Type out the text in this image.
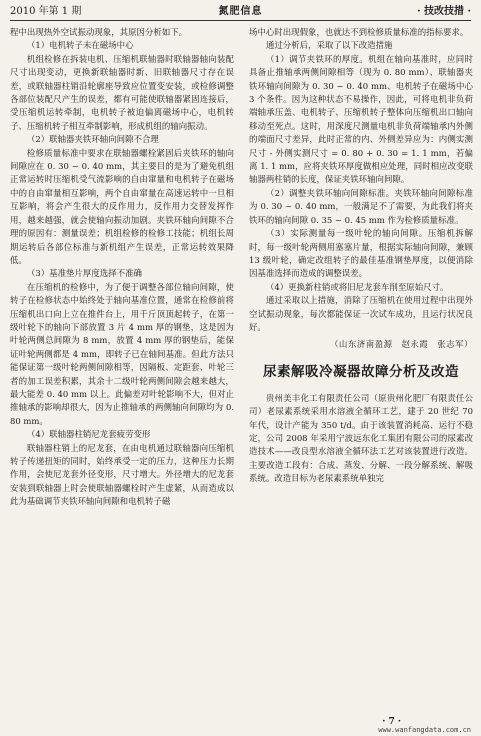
2010 年第 1 期	氮肥信息	· 技改技措 ·

程中出现热外空试振动现象，其原因分析如下。

（1）电机转子未在磁场中心

机组检修在拆装电机、压缩机联轴器时联轴器轴向装配尺寸出现变动，更换新联轴器时新、旧联轴器尺寸存在误差，或联轴器柱销沿轮廓座导致应位置变安装，或检修调整各部位装配尺产生的误差，都有可能使联轴器紧固连接后，受压缩机运转牵制，电机转子被迫偏离磁场中心，电机转子、压缩机转子相互牵制影响，形成机组的轴向振动。

（2）联轴器夹铁环轴向间隙不合理

检修质量标准中要求在联轴器螺栓紧固后夹铁环的轴向间隙应在 0. 30 ~ 0. 40 mm，其主要目的是为了避免机组正常运转时压缩机受气流影响的自由窜量和电机转子在磁场中的自由窜量相互影响，两个自由窜量在高速运转中一旦相互影响，将会产生很大的反作用力，反作用力交替发挥作用，越来越强，就会使轴向振动加剧。夹铁环轴向间隙不合理的原因有：测量误差；机组检修的检修工技能；机组长周期运转后各部位标准与新机组产生误差，正常运转效果降低。

（3）基准垫片厚度选择不准确

在压缩机的检修中，为了便于调整各部位轴向间隙，使转子在检修状态中始终处于轴向基准位置，通常在检修前将压缩机出口向上立在推件台上，用千斤顶顶起转子，在第一级叶轮下的轴向下部放置 3 片 4 mm 厚的钢垫，这是因为叶轮两侧总间隙为 8 mm，放置 4 mm 厚的钢垫后，能保证叶轮两侧都是 4 mm，即转子已在轴间基准。但此方法只能保证第一级叶轮两侧间隙相等，因隔板、定距套、叶轮三者的加工误差积累，其余十二级叶轮两侧间隙会越来越大，最大能差 0. 40 mm 以上。此偏差对叶轮影响不大，但对止推轴承的影响却很大，因为止推轴承的两侧轴向间隙均为 0. 80 mm。

（4）联轴器柱销尼龙套疲劳变形

联轴器柱销上的尼龙套，在由电机通过联轴器向压缩机转子传递扭矩的同时，始终承受一定的压力，这种压力长期作用，会使尼龙套外径变形，尺寸增大。外径增大的尼龙套安装到联轴器上时会使联轴器螺栓时产生虚紧，从而造成以此为基础调节夹铁环轴向间隙和电机转子磁

场中心时出现假象，也就达不到检修质量标准的指标要求。

通过分析后，采取了以下改造措施

（1）调节夹铁环的厚度。机组在轴向基准时，应同时具备止推轴承两侧间隙相等（现为 0. 80 mm）、联轴器夹铁环轴向间隙为 0. 30 ~ 0. 40 mm、电机转子在磁场中心 3 个条件。因为这种状态不易操作，因此，可将电机非负荷端轴承压盖、电机转子、压缩机转子整体向压缩机出口轴向移动至死点。这时，用深度尺测量电机非负荷端轴承内外侧的端面尺寸差异，此时正常的内、外侧差异应为：内侧实测尺寸 - 外侧实测尺寸 = 0. 80 + 0. 30 = 1. 1 mm，若偏离 1. 1 mm，应将夹铁环厚度做相应处理，同时相应改变联轴器两柱销的长度，保证夹铁环轴向间隙。

（2）调整夹铁环轴向间隙标准。夹铁环轴向间隙标准为 0. 30 ~ 0. 40 mm，一般满足不了需要，为此我们将夹铁环的轴向间隙 0. 35 ~ 0. 45 mm 作为检修质量标准。

（3）实际测量每一级叶轮的轴向间隙。压缩机拆解时，每一级叶轮两侧用塞塞片量，根据实际轴向间隙，兼顾 13 级叶轮，确定改组转子的最佳基准钢垫厚度，以便消除因基准选择而造成的调整误差。

（4）更换新柱销或将旧尼龙套车削至原始尺寸。

通过采取以上措施，消除了压缩机在使用过程中出现外空试振动现象，每次都能保证一次试车成功，且运行状况良好。

（山东济南盈源　赵永霞　张志军）

尿素解吸冷凝器故障分析及改造

贵州美丰化工有限责任公司（原贵州化肥厂有限责任公司）老尿素系统采用水溶液全循环工艺，建于 20 世纪 70 年代，设计产能为 350 t/d。由于该装置消耗高、运行不稳定，公司 2008 年采用宁波远东化工集团有限公司的尿素改造技术——改良型水溶液全循环法工艺对该装置进行改造。主要改造工段有：合成、蒸发、分解、一段分解系统、解吸系统。改造目标为老尿素系统单独完

· 7 ·
www.wanfangdata.com.cn
